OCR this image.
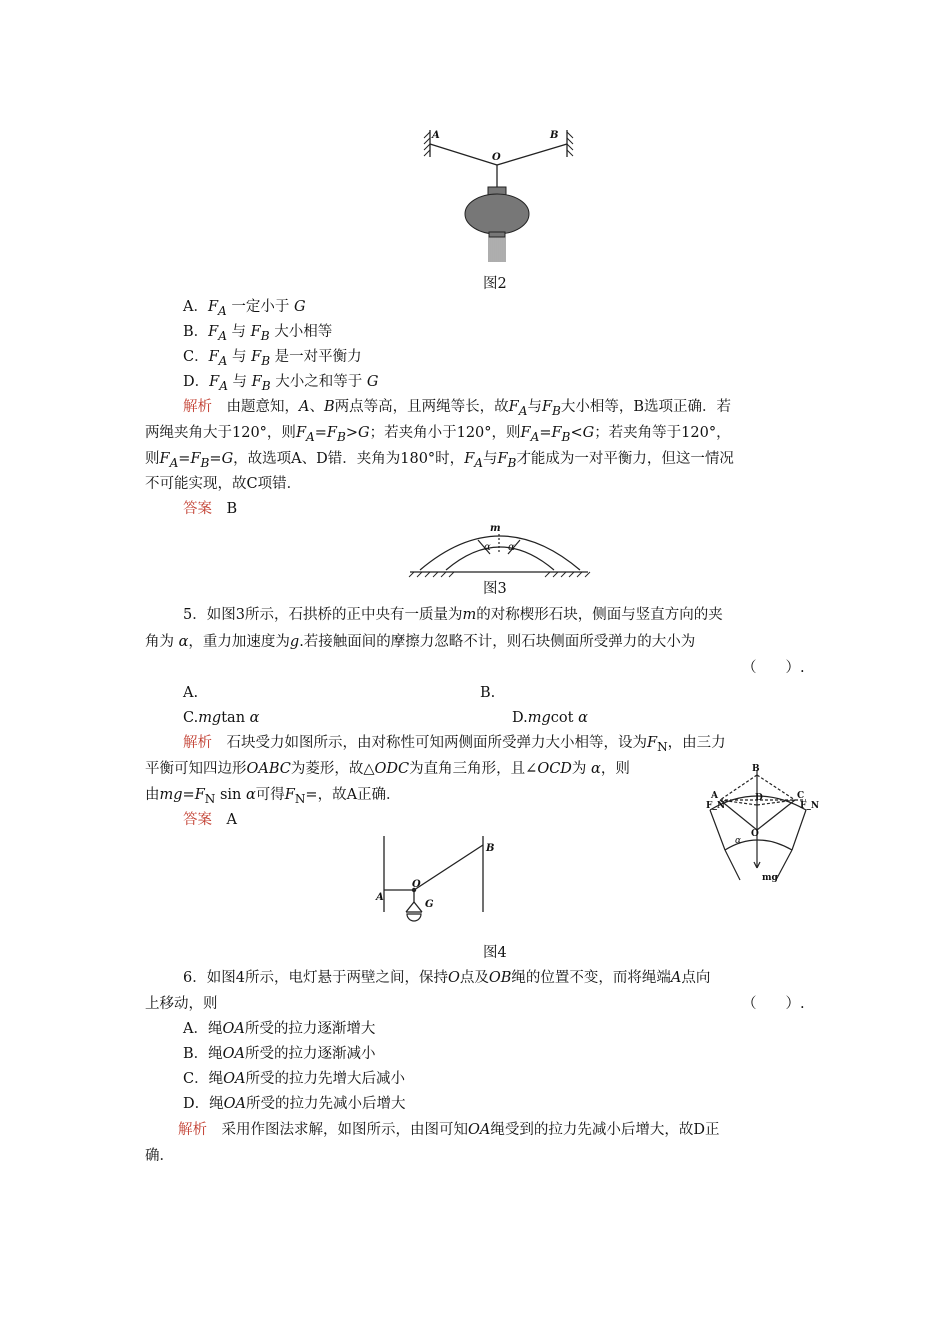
A	B
O
图2
A．$F_A$ 一定小于 G
B．$F_A$ 与 $F_B$ 大小相等
C．$F_A$ 与 $F_B$ 是一对平衡力
D．$F_A$ 与 $F_B$ 大小之和等于 G
解析　由题意知，A、B两点等高，且两绳等长，故$F_A$与$F_B$大小相等，B选项正确．若
两绳夹角大于120°，则$F_A=F_B>G$；若夹角小于120°，则$F_A=F_B<G$；若夹角等于120°，
则$F_A=F_B=G$，故选项A、D错．夹角为180°时，$F_A$与$F_B$才能成为一对平衡力，但这一情况
不可能实现，故C项错．
答案　 B
m
α α
图3
5．如图3所示，石拱桥的正中央有一质量为m的对称楔形石块，侧面与竖直方向的夹
角为 α，重力加速度为g.若接触面间的摩擦力忽略不计，则石块侧面所受弹力的大小为
（　　）.
A.	B.
C.mgtan α	D.mgcot α
解析　石块受力如图所示，由对称性可知两侧面所受弹力大小相等，设为$F_N$，由三力
平衡可知四边形OABC为菱形，故△ODC为直角三角形，且∠OCD为 α，则
由$mg=F_N$ sin α可得$F_N=$，故A正确．
答案　 A
B
A	C
D
O
F_N	F_N
α
mg
A
B
O
G
图4
6．如图4所示，电灯悬于两壁之间，保持O点及OB绳的位置不变，而将绳端A点向
上移动，则	（　　）.
A．绳OA所受的拉力逐渐增大
B．绳OA所受的拉力逐渐减小
C．绳OA所受的拉力先增大后减小
D．绳OA所受的拉力先减小后增大
解析　采用作图法求解，如图所示，由图可知OA绳受到的拉力先减小后增大，故D正
确．
